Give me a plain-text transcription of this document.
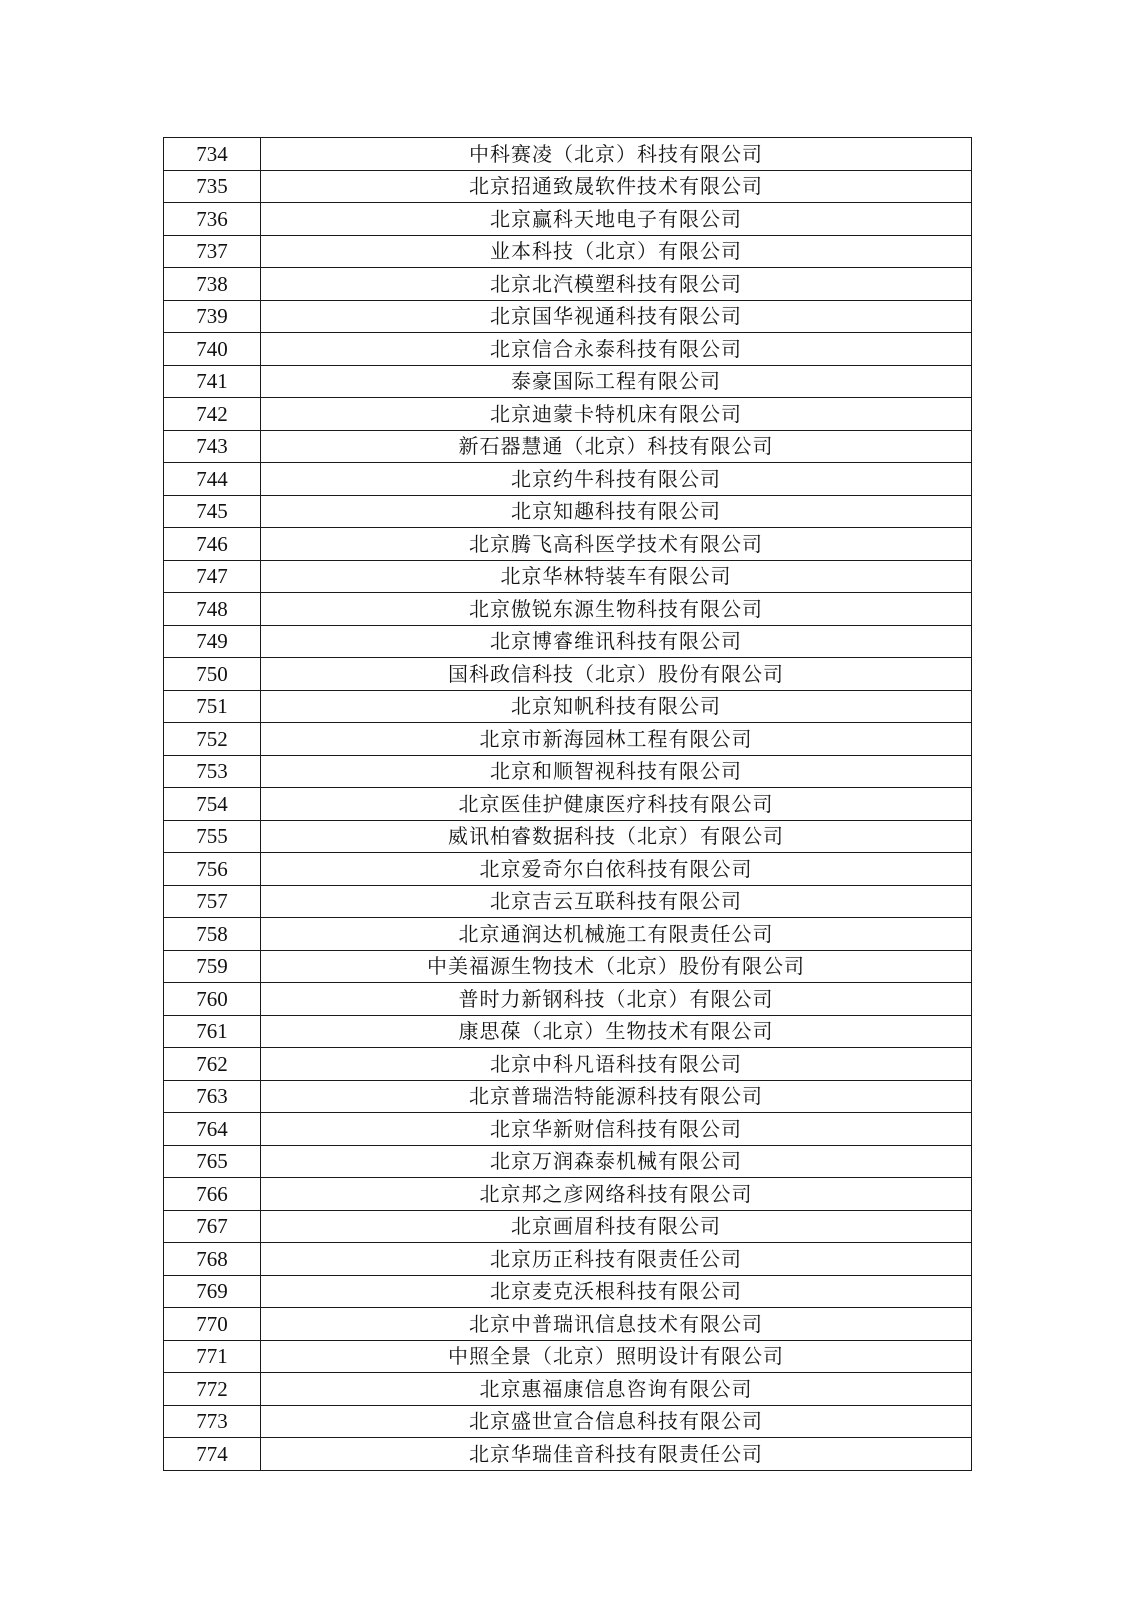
734	中科赛凌（北京）科技有限公司
735	北京招通致晟软件技术有限公司
736	北京赢科天地电子有限公司
737	业本科技（北京）有限公司
738	北京北汽模塑科技有限公司
739	北京国华视通科技有限公司
740	北京信合永泰科技有限公司
741	泰豪国际工程有限公司
742	北京迪蒙卡特机床有限公司
743	新石器慧通（北京）科技有限公司
744	北京约牛科技有限公司
745	北京知趣科技有限公司
746	北京腾飞高科医学技术有限公司
747	北京华林特装车有限公司
748	北京傲锐东源生物科技有限公司
749	北京博睿维讯科技有限公司
750	国科政信科技（北京）股份有限公司
751	北京知帆科技有限公司
752	北京市新海园林工程有限公司
753	北京和顺智视科技有限公司
754	北京医佳护健康医疗科技有限公司
755	威讯柏睿数据科技（北京）有限公司
756	北京爱奇尔白依科技有限公司
757	北京吉云互联科技有限公司
758	北京通润达机械施工有限责任公司
759	中美福源生物技术（北京）股份有限公司
760	普时力新钢科技（北京）有限公司
761	康思葆（北京）生物技术有限公司
762	北京中科凡语科技有限公司
763	北京普瑞浩特能源科技有限公司
764	北京华新财信科技有限公司
765	北京万润森泰机械有限公司
766	北京邦之彦网络科技有限公司
767	北京画眉科技有限公司
768	北京历正科技有限责任公司
769	北京麦克沃根科技有限公司
770	北京中普瑞讯信息技术有限公司
771	中照全景（北京）照明设计有限公司
772	北京惠福康信息咨询有限公司
773	北京盛世宣合信息科技有限公司
774	北京华瑞佳音科技有限责任公司
